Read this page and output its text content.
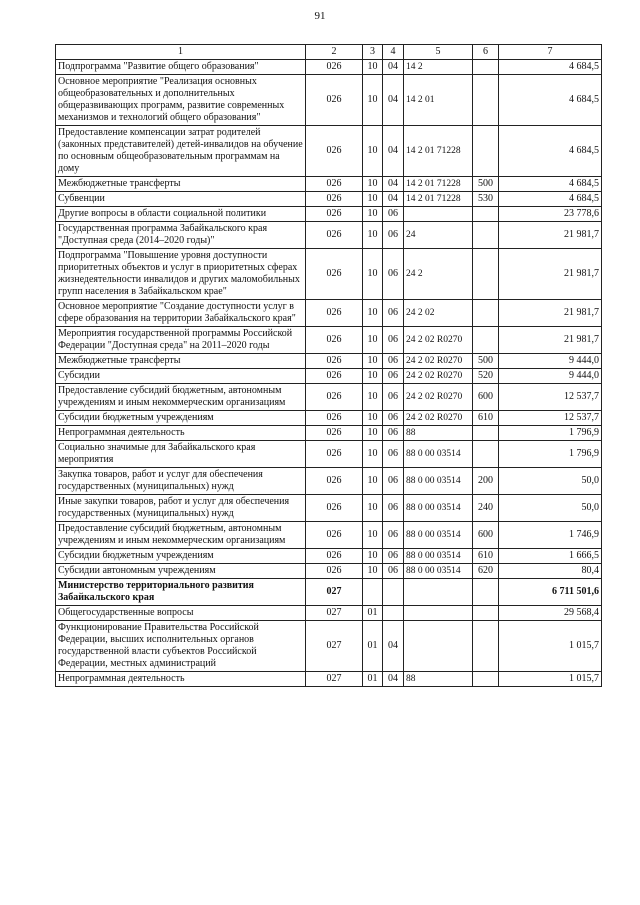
91
1	2	3	4	5	6	7
Подпрограмма "Развитие общего образования"	026	10	04	14 2		4 684,5
Основное мероприятие "Реализация основных общеобразовательных и дополнительных общеразвивающих программ, развитие современных механизмов и технологий общего образования"	026	10	04	14 2 01		4 684,5
Предоставление компенсации затрат родителей (законных представителей) детей-инвалидов на обучение по основным общеобразовательным программам на дому	026	10	04	14 2 01 71228		4 684,5
Межбюджетные трансферты	026	10	04	14 2 01 71228	500	4 684,5
Субвенции	026	10	04	14 2 01 71228	530	4 684,5
Другие вопросы в области социальной политики	026	10	06			23 778,6
Государственная программа Забайкальского края "Доступная среда (2014–2020 годы)"	026	10	06	24		21 981,7
Подпрограмма "Повышение уровня доступности приоритетных объектов и услуг в приоритетных сферах жизнедеятельности инвалидов и других маломобильных групп населения в Забайкальском крае"	026	10	06	24 2		21 981,7
Основное мероприятие "Создание доступности услуг в сфере образования на территории Забайкальского края"	026	10	06	24 2 02		21 981,7
Мероприятия государственной программы Российской Федерации "Доступная среда" на 2011–2020 годы	026	10	06	24 2 02 R0270		21 981,7
Межбюджетные трансферты	026	10	06	24 2 02 R0270	500	9 444,0
Субсидии	026	10	06	24 2 02 R0270	520	9 444,0
Предоставление субсидий бюджетным, автономным учреждениям и иным некоммерческим организациям	026	10	06	24 2 02 R0270	600	12 537,7
Субсидии бюджетным учреждениям	026	10	06	24 2 02 R0270	610	12 537,7
Непрограммная деятельность	026	10	06	88		1 796,9
Социально значимые для Забайкальского края мероприятия	026	10	06	88 0 00 03514		1 796,9
Закупка товаров, работ и услуг для обеспечения государственных (муниципальных) нужд	026	10	06	88 0 00 03514	200	50,0
Иные закупки товаров, работ и услуг для обеспечения государственных (муниципальных) нужд	026	10	06	88 0 00 03514	240	50,0
Предоставление субсидий бюджетным, автономным учреждениям и иным некоммерческим организациям	026	10	06	88 0 00 03514	600	1 746,9
Субсидии бюджетным учреждениям	026	10	06	88 0 00 03514	610	1 666,5
Субсидии автономным учреждениям	026	10	06	88 0 00 03514	620	80,4
Министерство территориального развития Забайкальского края	027					6 711 501,6
Общегосударственные вопросы	027	01				29 568,4
Функционирование Правительства Российской Федерации, высших исполнительных органов государственной власти субъектов Российской Федерации, местных администраций	027	01	04			1 015,7
Непрограммная деятельность	027	01	04	88		1 015,7
